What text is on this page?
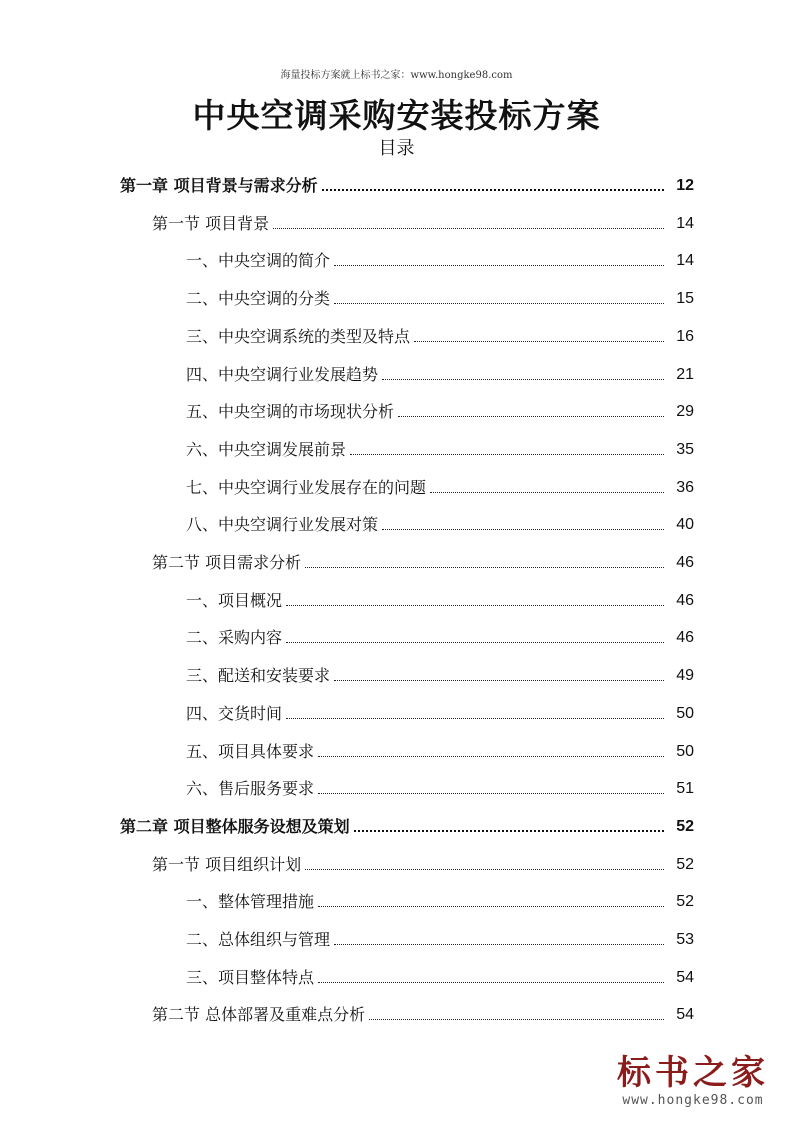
海量投标方案就上标书之家：www.hongke98.com
中央空调采购安装投标方案
目录
第一章 项目背景与需求分析	12
第一节 项目背景	14
一、中央空调的简介	14
二、中央空调的分类	15
三、中央空调系统的类型及特点	16
四、中央空调行业发展趋势	21
五、中央空调的市场现状分析	29
六、中央空调发展前景	35
七、中央空调行业发展存在的问题	36
八、中央空调行业发展对策	40
第二节 项目需求分析	46
一、项目概况	46
二、采购内容	46
三、配送和安装要求	49
四、交货时间	50
五、项目具体要求	50
六、售后服务要求	51
第二章 项目整体服务设想及策划	52
第一节 项目组织计划	52
一、整体管理措施	52
二、总体组织与管理	53
三、项目整体特点	54
第二节 总体部署及重难点分析	54
标书之家
www.hongke98.com
